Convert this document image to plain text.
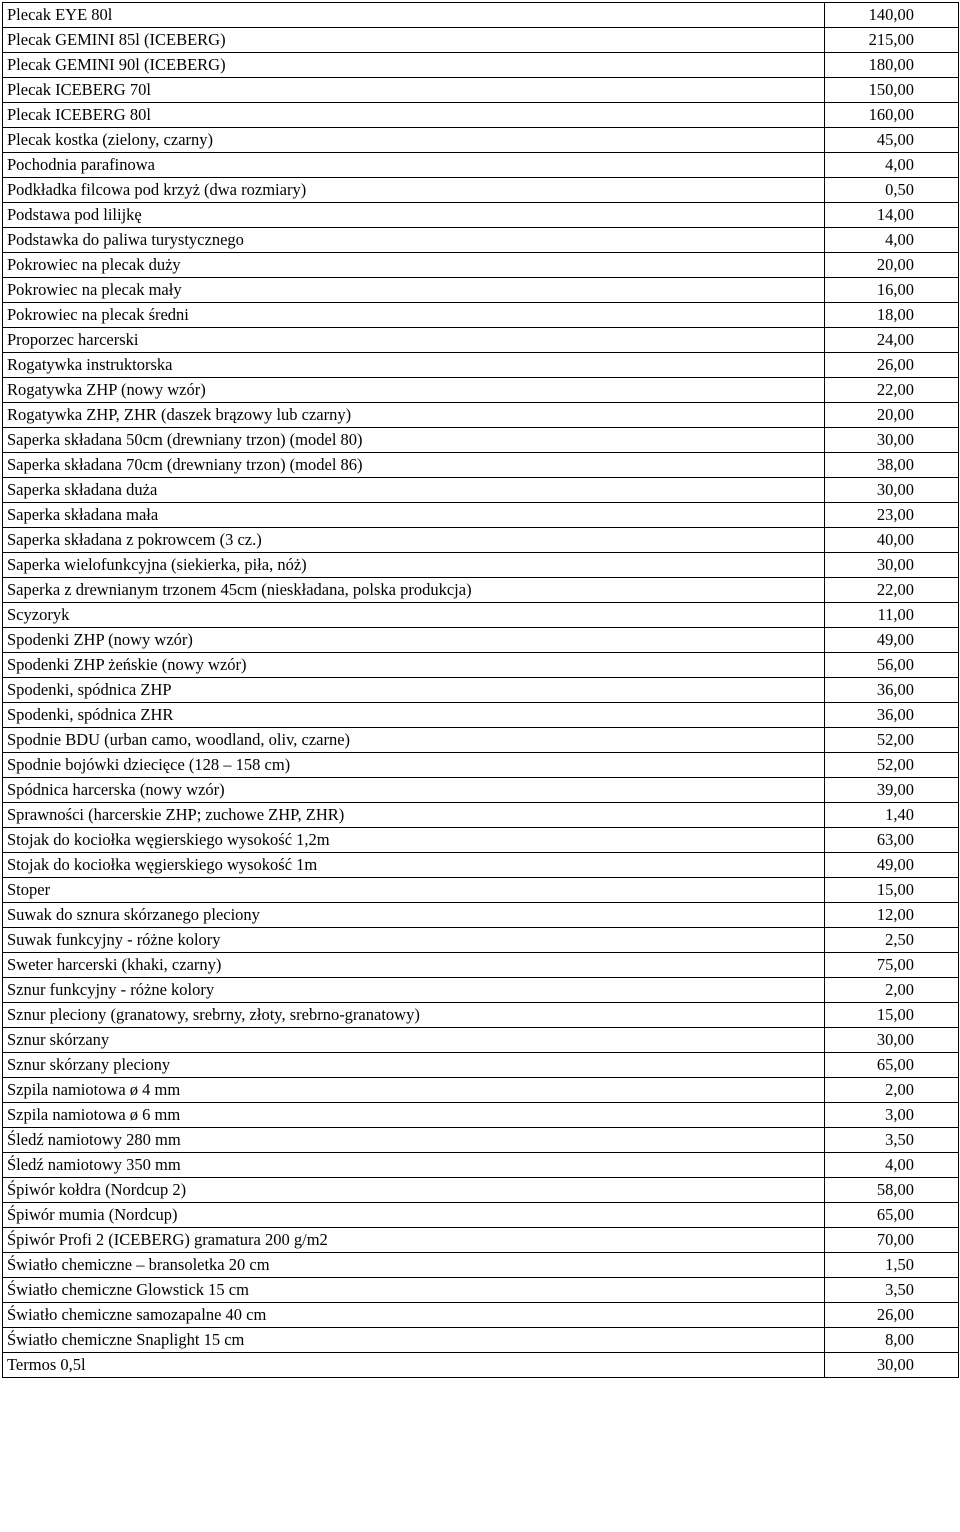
Plecak EYE 80l	140,00
Plecak GEMINI 85l (ICEBERG)	215,00
Plecak GEMINI 90l (ICEBERG)	180,00
Plecak ICEBERG 70l	150,00
Plecak ICEBERG 80l	160,00
Plecak kostka (zielony, czarny)	45,00
Pochodnia parafinowa	4,00
Podkładka filcowa pod krzyż (dwa rozmiary)	0,50
Podstawa pod lilijkę	14,00
Podstawka do paliwa turystycznego	4,00
Pokrowiec na plecak duży	20,00
Pokrowiec na plecak mały	16,00
Pokrowiec na plecak średni	18,00
Proporzec harcerski	24,00
Rogatywka instruktorska	26,00
Rogatywka ZHP (nowy wzór)	22,00
Rogatywka ZHP, ZHR (daszek brązowy lub czarny)	20,00
Saperka składana 50cm (drewniany trzon) (model 80)	30,00
Saperka składana 70cm (drewniany trzon) (model 86)	38,00
Saperka składana duża	30,00
Saperka składana mała	23,00
Saperka składana z pokrowcem (3 cz.)	40,00
Saperka wielofunkcyjna (siekierka, piła, nóż)	30,00
Saperka z drewnianym trzonem 45cm (nieskładana, polska produkcja)	22,00
Scyzoryk	11,00
Spodenki ZHP (nowy wzór)	49,00
Spodenki ZHP żeńskie (nowy wzór)	56,00
Spodenki, spódnica ZHP	36,00
Spodenki, spódnica ZHR	36,00
Spodnie BDU (urban camo, woodland, oliv, czarne)	52,00
Spodnie bojówki dziecięce (128 – 158 cm)	52,00
Spódnica harcerska (nowy wzór)	39,00
Sprawności (harcerskie ZHP; zuchowe ZHP, ZHR)	1,40
Stojak do kociołka węgierskiego wysokość 1,2m	63,00
Stojak do kociołka węgierskiego wysokość 1m	49,00
Stoper	15,00
Suwak do sznura skórzanego pleciony	12,00
Suwak funkcyjny - różne kolory	2,50
Sweter harcerski (khaki, czarny)	75,00
Sznur funkcyjny - różne kolory	2,00
Sznur pleciony (granatowy, srebrny, złoty, srebrno-granatowy)	15,00
Sznur skórzany	30,00
Sznur skórzany pleciony	65,00
Szpila namiotowa ø 4 mm	2,00
Szpila namiotowa ø 6 mm	3,00
Śledź namiotowy 280 mm	3,50
Śledź namiotowy 350 mm	4,00
Śpiwór kołdra (Nordcup 2)	58,00
Śpiwór mumia (Nordcup)	65,00
Śpiwór Profi 2 (ICEBERG) gramatura 200 g/m2	70,00
Światło chemiczne – bransoletka 20 cm	1,50
Światło chemiczne Glowstick 15 cm	3,50
Światło chemiczne samozapalne 40 cm	26,00
Światło chemiczne Snaplight 15 cm	8,00
Termos 0,5l	30,00
